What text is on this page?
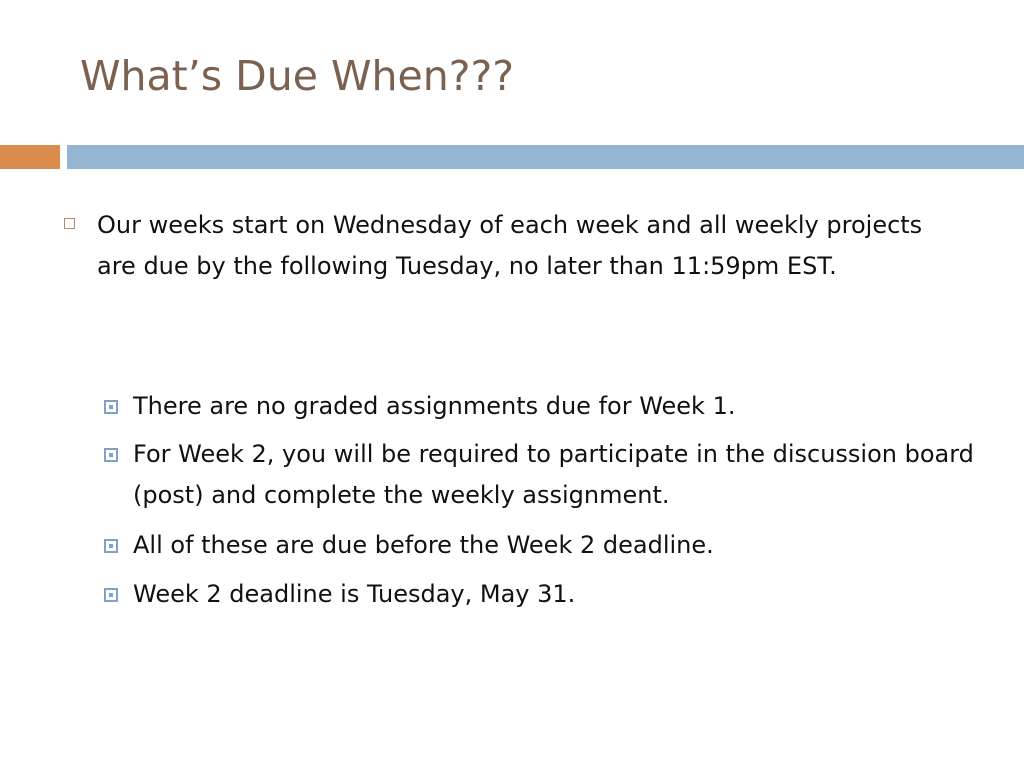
What’s Due When???
Our weeks start on Wednesday of each week and all weekly projects are due by the following Tuesday, no later than 11:59pm EST.
There are no graded assignments due for Week 1.
For Week 2, you will be required to participate in the discussion board (post) and complete the weekly assignment.
All of these are due before the Week 2 deadline.
Week 2 deadline is Tuesday, May 31.
